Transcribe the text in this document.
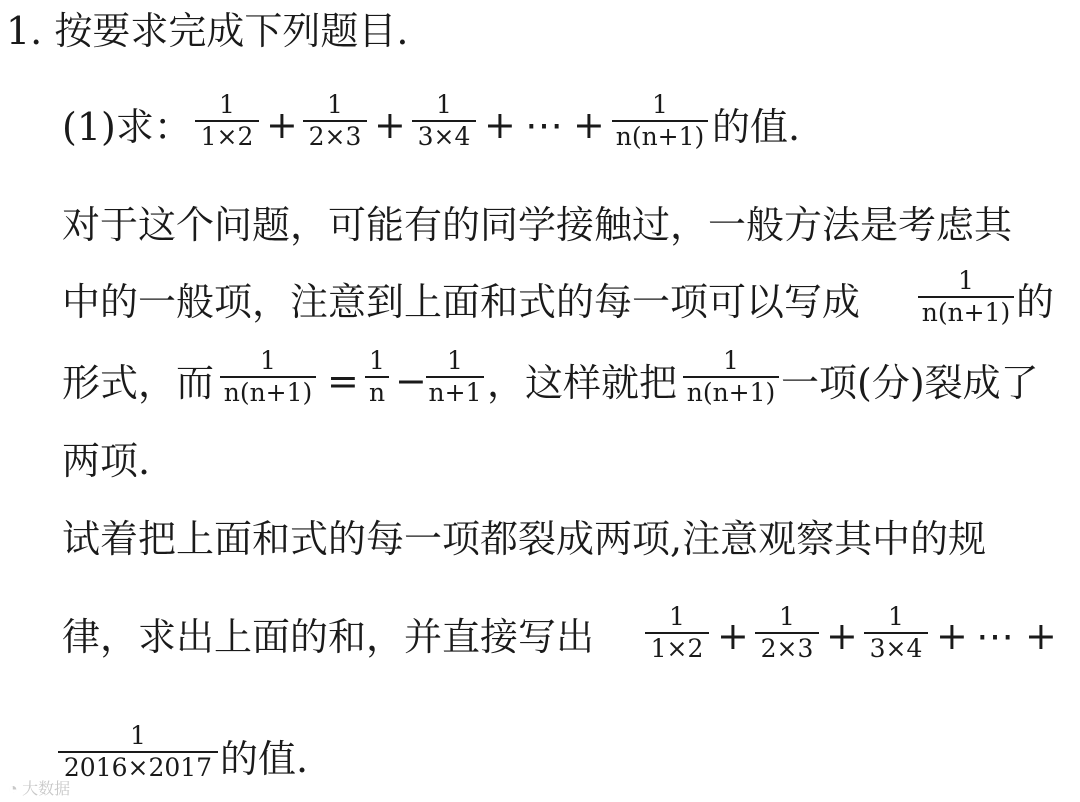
1. 按要求完成下列题目.
(1)求：
1
1×2 +	1
2×3 +	1
3×4 + ⋯ +	1
n(n+1) 的值.
对于这个问题，可能有的同学接触过，一般方法是考虑其
中的一般项，注意到上面和式的每一项可以写成	1
n(n+1) 的
形式，而
1
n(n+1) = 1
n − 1
n+1 ，这样就把
1
n(n+1) 一项(分)裂成了
两项.
试着把上面和式的每一项都裂成两项,注意观察其中的规
律，求出上面的和，并直接写出	1
1×2 +	1
2×3 +	1
3×4 + ⋯ +
1
2016×2017 的值.
◔ 大数据
